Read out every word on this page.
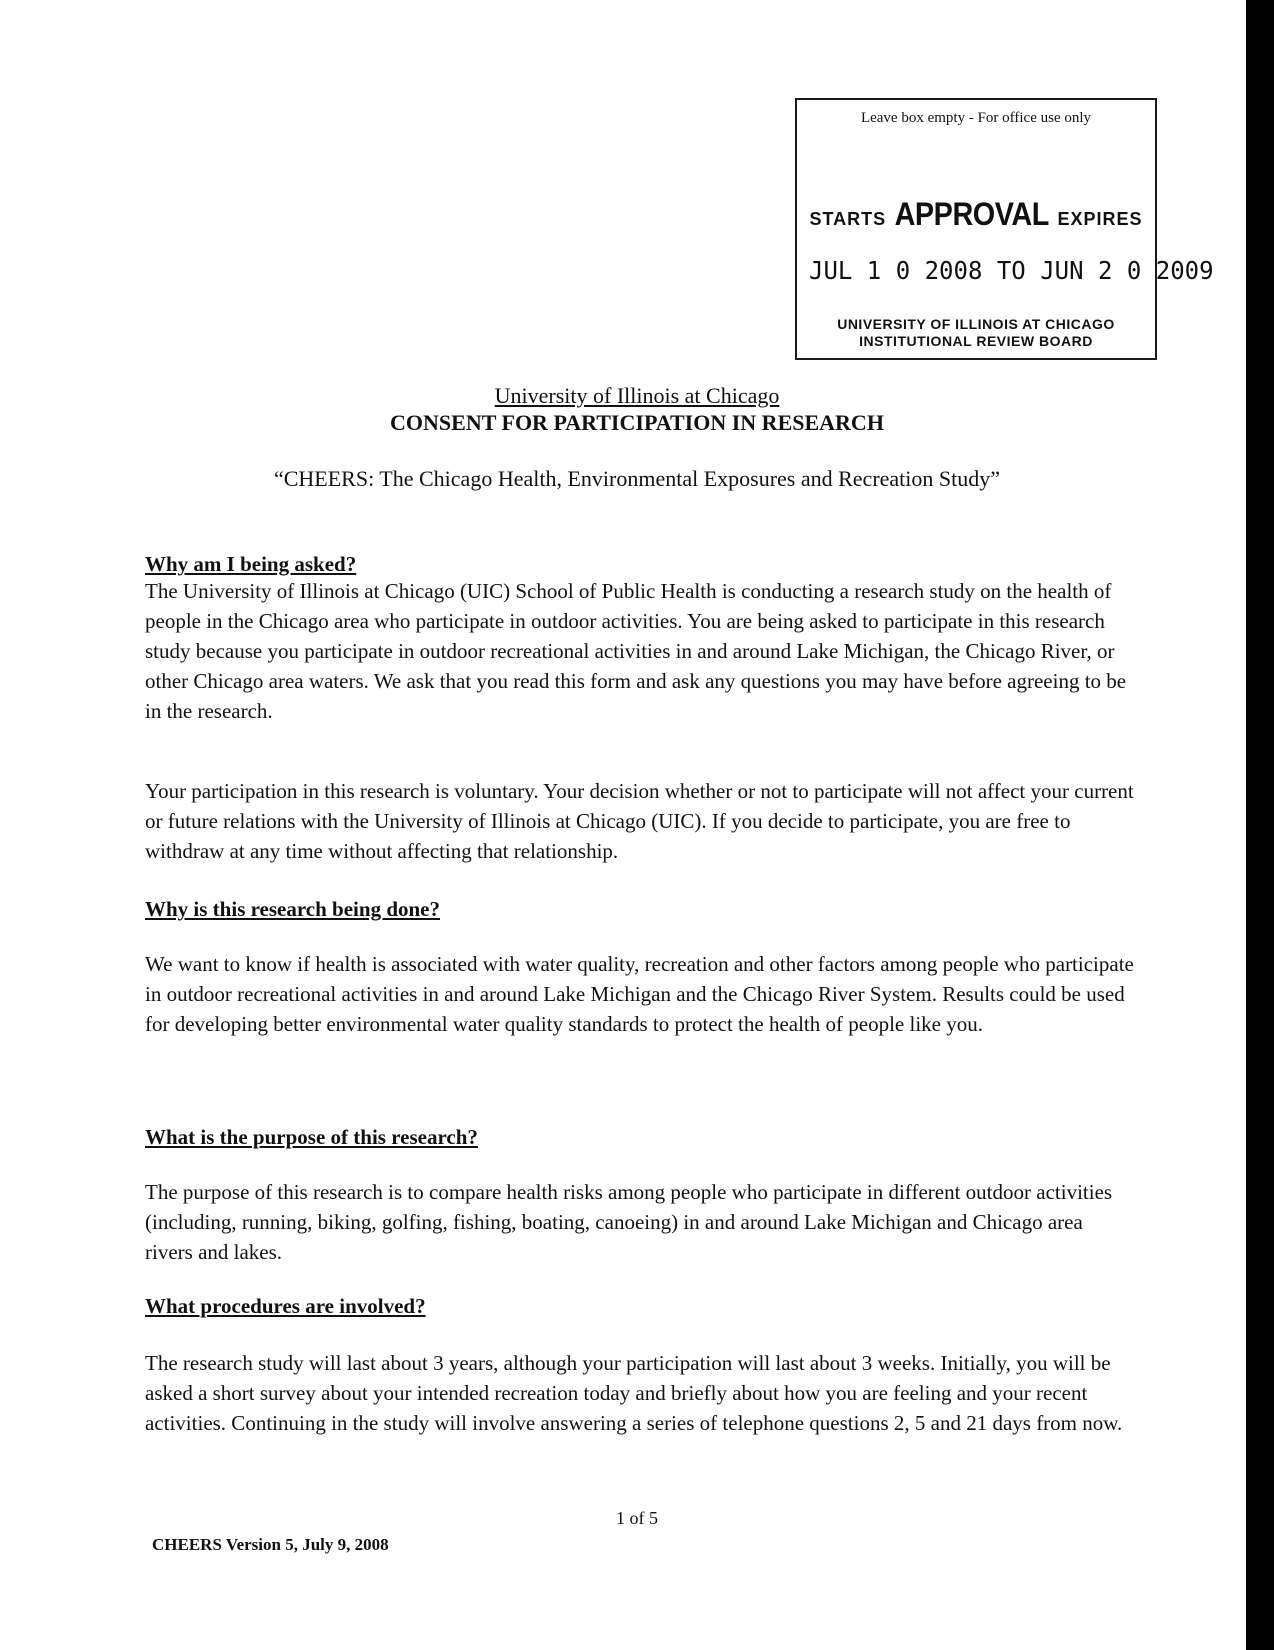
Leave box empty - For office use only
STARTS APPROVAL EXPIRES
JUL 1 0 2008 TO JUN 2 0 2009
UNIVERSITY OF ILLINOIS AT CHICAGO
INSTITUTIONAL REVIEW BOARD
University of Illinois at Chicago
CONSENT FOR PARTICIPATION IN RESEARCH
“CHEERS: The Chicago Health, Environmental Exposures and Recreation Study”
Why am I being asked?

The University of Illinois at Chicago (UIC) School of Public Health is conducting a research study on the health of people in the Chicago area who participate in outdoor activities. You are being asked to participate in this research study because you participate in outdoor recreational activities in and around Lake Michigan, the Chicago River, or other Chicago area waters. We ask that you read this form and ask any questions you may have before agreeing to be in the research.

Your participation in this research is voluntary. Your decision whether or not to participate will not affect your current or future relations with the University of Illinois at Chicago (UIC). If you decide to participate, you are free to withdraw at any time without affecting that relationship.

Why is this research being done?

We want to know if health is associated with water quality, recreation and other factors among people who participate in outdoor recreational activities in and around Lake Michigan and the Chicago River System. Results could be used for developing better environmental water quality standards to protect the health of people like you.

What is the purpose of this research?

The purpose of this research is to compare health risks among people who participate in different outdoor activities (including, running, biking, golfing, fishing, boating, canoeing) in and around Lake Michigan and Chicago area rivers and lakes.

What procedures are involved?

The research study will last about 3 years, although your participation will last about 3 weeks. Initially, you will be asked a short survey about your intended recreation today and briefly about how you are feeling and your recent activities. Continuing in the study will involve answering a series of telephone questions 2, 5 and 21 days from now.

1 of 5
CHEERS Version 5, July 9, 2008
